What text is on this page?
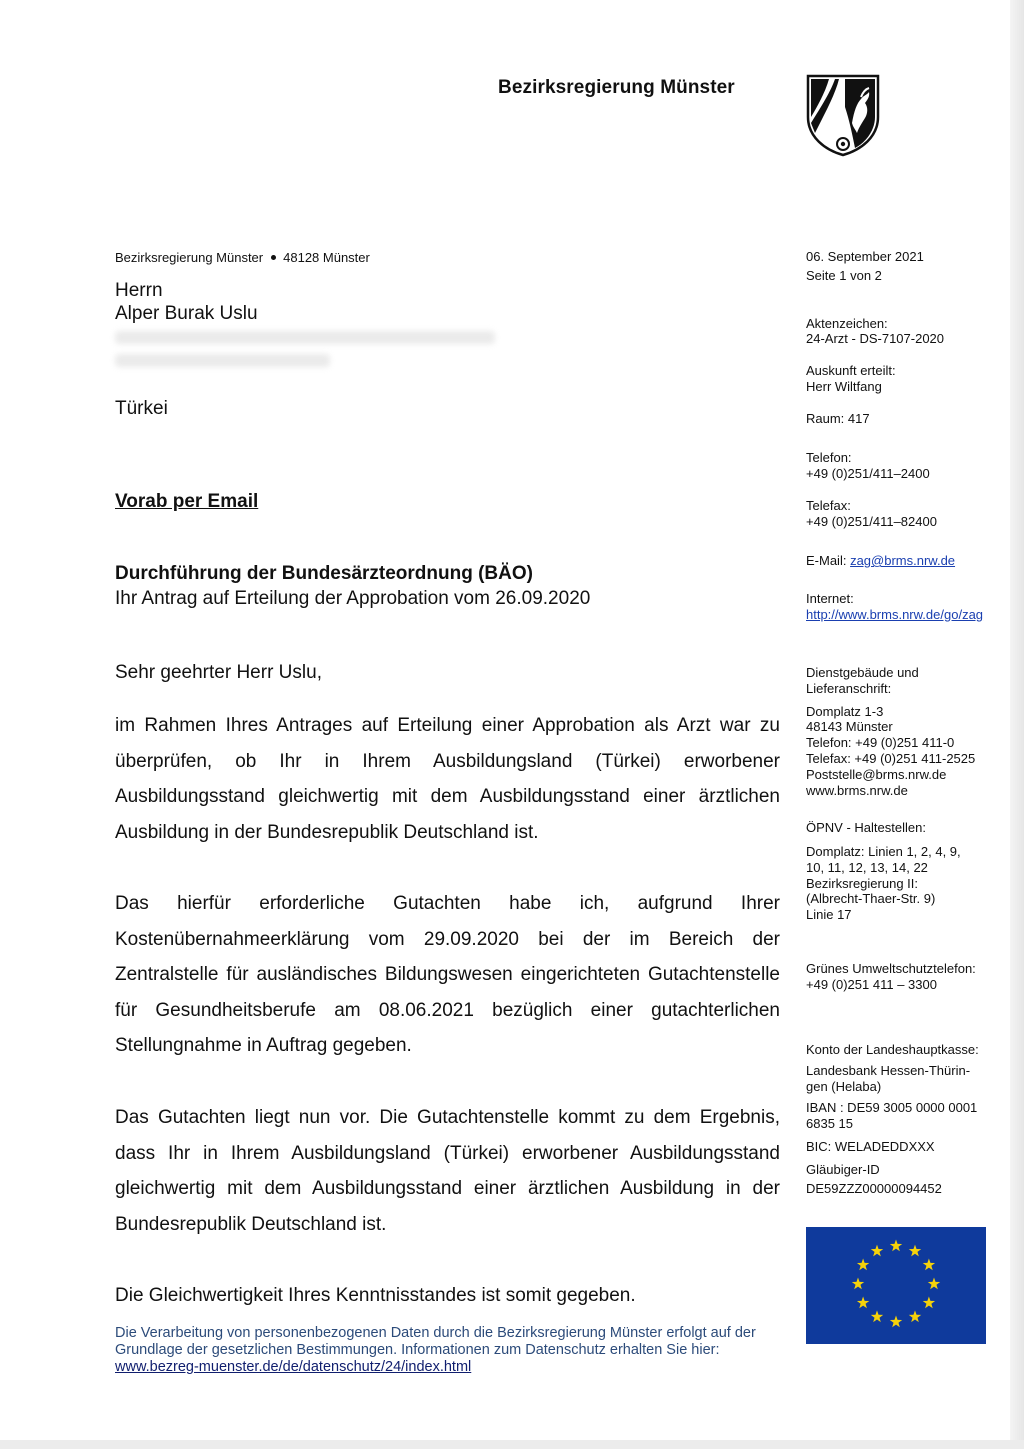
Bezirksregierung Münster
Bezirksregierung Münster 48128 Münster
Herrn
Alper Burak Uslu
Türkei
Vorab per Email
Durchführung der Bundesärzteordnung (BÄO)
Ihr Antrag auf Erteilung der Approbation vom 26.09.2020
Sehr geehrter Herr Uslu,
im Rahmen Ihres Antrages auf Erteilung einer Approbation als Arzt war zu überprüfen, ob Ihr in Ihrem Ausbildungsland (Türkei) erworbener Ausbildungsstand gleichwertig mit dem Ausbildungsstand einer ärztlichen Ausbildung in der Bundesrepublik Deutschland ist.
Das hierfür erforderliche Gutachten habe ich, aufgrund Ihrer Kostenübernahmeerklärung vom 29.09.2020 bei der im Bereich der Zentralstelle für ausländisches Bildungswesen eingerichteten Gutachtenstelle für Gesundheitsberufe am 08.06.2021 bezüglich einer gutachterlichen Stellungnahme in Auftrag gegeben.
Das Gutachten liegt nun vor. Die Gutachtenstelle kommt zu dem Ergebnis, dass Ihr in Ihrem Ausbildungsland (Türkei) erworbener Ausbildungsstand gleichwertig mit dem Ausbildungsstand einer ärztlichen Ausbildung in der Bundesrepublik Deutschland ist.
Die Gleichwertigkeit Ihres Kenntnisstandes ist somit gegeben.
Die Verarbeitung von personenbezogenen Daten durch die Bezirksregierung Münster erfolgt auf der Grundlage der gesetzlichen Bestimmungen. Informationen zum Datenschutz erhalten Sie hier: www.bezreg-muenster.de/de/datenschutz/24/index.html
06. September 2021
Seite 1 von 2
Aktenzeichen:
24-Arzt - DS-7107-2020
Auskunft erteilt:
Herr Wiltfang
Raum: 417
Telefon:
+49 (0)251/411–2400
Telefax:
+49 (0)251/411–82400
E-Mail: zag@brms.nrw.de
Internet:
http://www.brms.nrw.de/go/zag
Dienstgebäude und
Lieferanschrift:
Domplatz 1-3
48143 Münster
Telefon: +49 (0)251 411-0
Telefax: +49 (0)251 411-2525
Poststelle@brms.nrw.de
www.brms.nrw.de
ÖPNV - Haltestellen:
Domplatz: Linien 1, 2, 4, 9,
10, 11, 12, 13, 14, 22
Bezirksregierung II:
(Albrecht-Thaer-Str. 9)
Linie 17
Grünes Umweltschutztelefon:
+49 (0)251 411 – 3300
Konto der Landeshauptkasse:
Landesbank Hessen-Thürin-
gen (Helaba)
IBAN : DE59 3005 0000 0001
6835 15
BIC: WELADEDDXXX
Gläubiger-ID
DE59ZZZ00000094452
